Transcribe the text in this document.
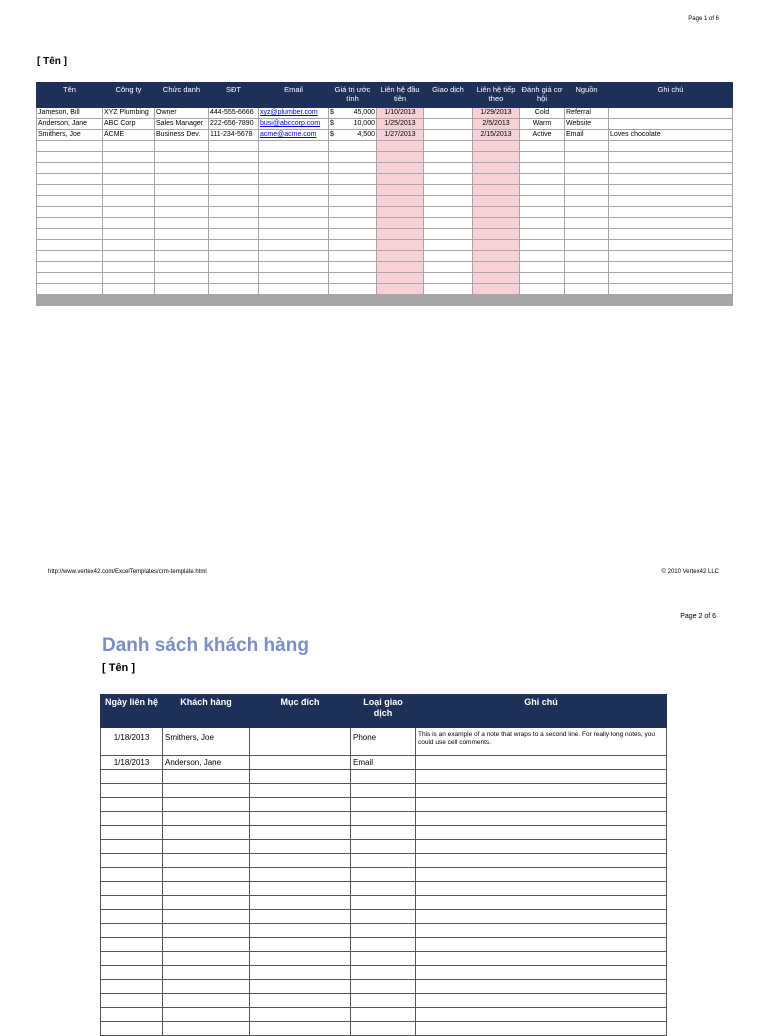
Page 1 of 6
[ Tên ]
Tên	Công ty	Chức danh	SĐT	Email	Giá trị ước tính	Liên hệ đầu tiên	Giao dịch	Liên hệ tiếp theo	Đánh giá cơ hội	Nguồn	Ghi chú
Jameson, Bill	XYZ Plumbing	Owner	444-555-6666	xyz@plumber.com	$ 45,000	1/10/2013		1/29/2013	Cold	Referral	
Anderson, Jane	ABC Corp	Sales Manager	222-656-7890	busi@abccorp.com	$ 10,000	1/25/2013		2/5/2013	Warm	Website	
Smithers, Joe	ACME	Business Dev.	111-234-5678	acme@acme.com	$ 4,500	1/27/2013		2/15/2013	Active	Email	Loves chocolate

http://www.vertex42.com/ExcelTemplates/crm-template.html	© 2010 Vertex42 LLC
Page 2 of 6
Danh sách khách hàng
[ Tên ]
Ngày liên hệ	Khách hàng	Mục đích	Loại giao dịch	Ghi chú
1/18/2013	Smithers, Joe		Phone	This is an example of a note that wraps to a second line. For really long notes, you could use cell comments.
1/18/2013	Anderson, Jane		Email	
